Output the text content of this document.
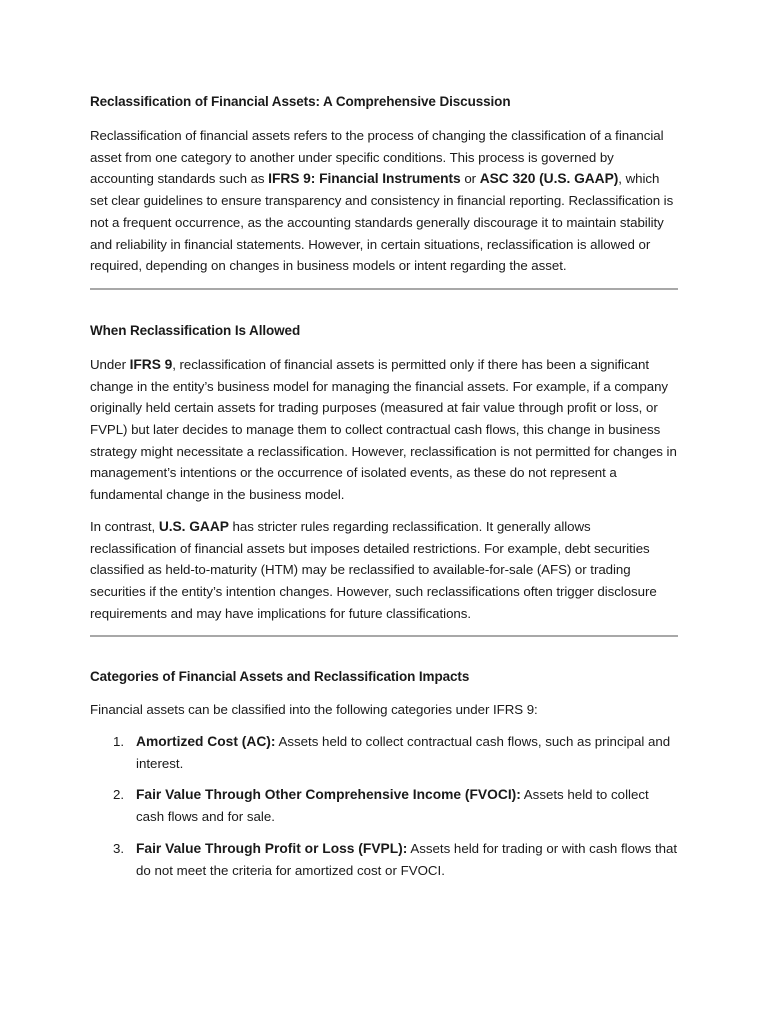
Reclassification of Financial Assets: A Comprehensive Discussion

Reclassification of financial assets refers to the process of changing the classification of a financial asset from one category to another under specific conditions. This process is governed by accounting standards such as IFRS 9: Financial Instruments or ASC 320 (U.S. GAAP), which set clear guidelines to ensure transparency and consistency in financial reporting. Reclassification is not a frequent occurrence, as the accounting standards generally discourage it to maintain stability and reliability in financial statements. However, in certain situations, reclassification is allowed or required, depending on changes in business models or intent regarding the asset.

When Reclassification Is Allowed

Under IFRS 9, reclassification of financial assets is permitted only if there has been a significant change in the entity’s business model for managing the financial assets. For example, if a company originally held certain assets for trading purposes (measured at fair value through profit or loss, or FVPL) but later decides to manage them to collect contractual cash flows, this change in business strategy might necessitate a reclassification. However, reclassification is not permitted for changes in management’s intentions or the occurrence of isolated events, as these do not represent a fundamental change in the business model.

In contrast, U.S. GAAP has stricter rules regarding reclassification. It generally allows reclassification of financial assets but imposes detailed restrictions. For example, debt securities classified as held-to-maturity (HTM) may be reclassified to available-for-sale (AFS) or trading securities if the entity’s intention changes. However, such reclassifications often trigger disclosure requirements and may have implications for future classifications.

Categories of Financial Assets and Reclassification Impacts

Financial assets can be classified into the following categories under IFRS 9:

1. Amortized Cost (AC): Assets held to collect contractual cash flows, such as principal and interest.
2. Fair Value Through Other Comprehensive Income (FVOCI): Assets held to collect cash flows and for sale.
3. Fair Value Through Profit or Loss (FVPL): Assets held for trading or with cash flows that do not meet the criteria for amortized cost or FVOCI.
